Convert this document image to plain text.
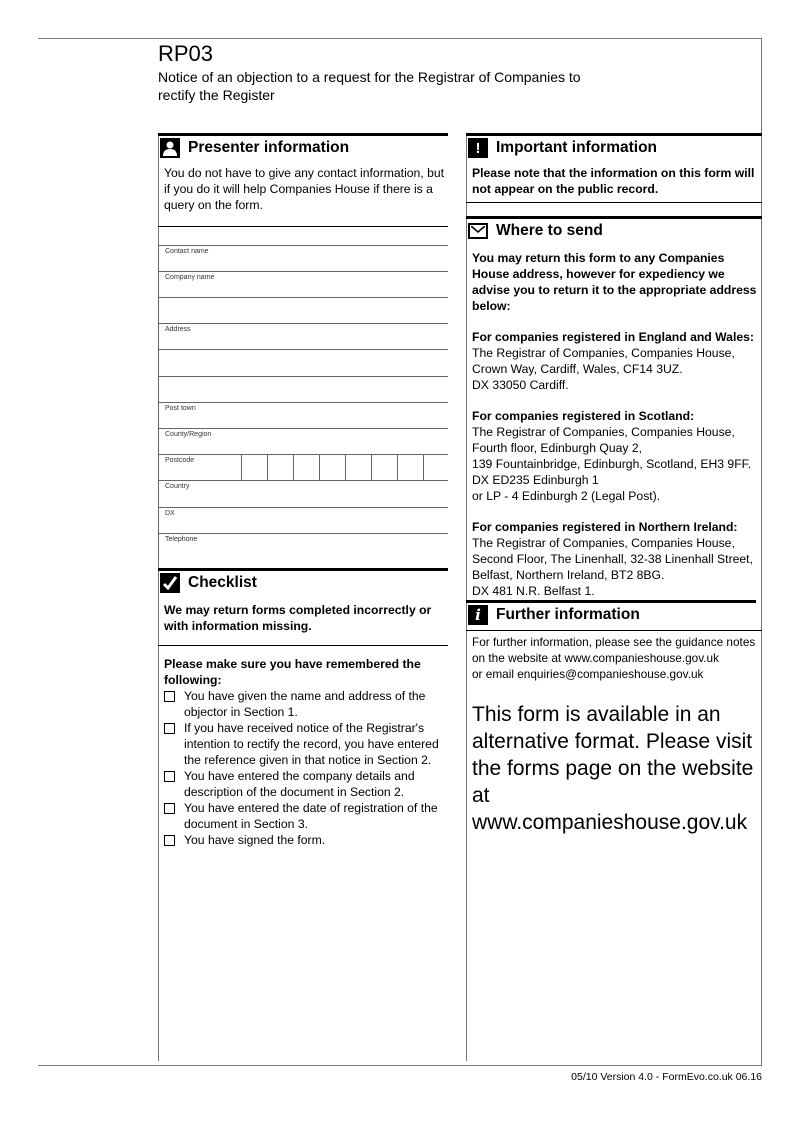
RP03
Notice of an objection to a request for the Registrar of Companies to rectify the Register
Presenter information
You do not have to give any contact information, but if you do it will help Companies House if there is a query on the form.
Contact name
Company name
Address
Post town
County/Region
Postcode
Country
DX
Telephone
Checklist
We may return forms completed incorrectly or with information missing.
Please make sure you have remembered the following:
You have given the name and address of the objector in Section 1.
If you have received notice of the Registrar's intention to rectify the record, you have entered the reference given in that notice in Section 2.
You have entered the company details and description of the document in Section 2.
You have entered the date of registration of the document in Section 3.
You have signed the form.
!	Important information
Please note that the information on this form will not appear on the public record.
Where to send
You may return this form to any Companies House address, however for expediency we advise you to return it to the appropriate address below:
For companies registered in England and Wales:
The Registrar of Companies, Companies House,
Crown Way, Cardiff, Wales, CF14 3UZ.
DX 33050 Cardiff.
For companies registered in Scotland:
The Registrar of Companies, Companies House,
Fourth floor, Edinburgh Quay 2,
139 Fountainbridge, Edinburgh, Scotland, EH3 9FF.
DX ED235 Edinburgh 1
or LP - 4 Edinburgh 2 (Legal Post).
For companies registered in Northern Ireland:
The Registrar of Companies, Companies House,
Second Floor, The Linenhall, 32-38 Linenhall Street,
Belfast, Northern Ireland, BT2 8BG.
DX 481 N.R. Belfast 1.
i Further information
For further information, please see the guidance notes
on the website at www.companieshouse.gov.uk
or email enquiries@companieshouse.gov.uk
This form is available in an alternative format. Please visit the forms page on the website at www.companieshouse.gov.uk
05/10 Version 4.0 - FormEvo.co.uk 06.16
